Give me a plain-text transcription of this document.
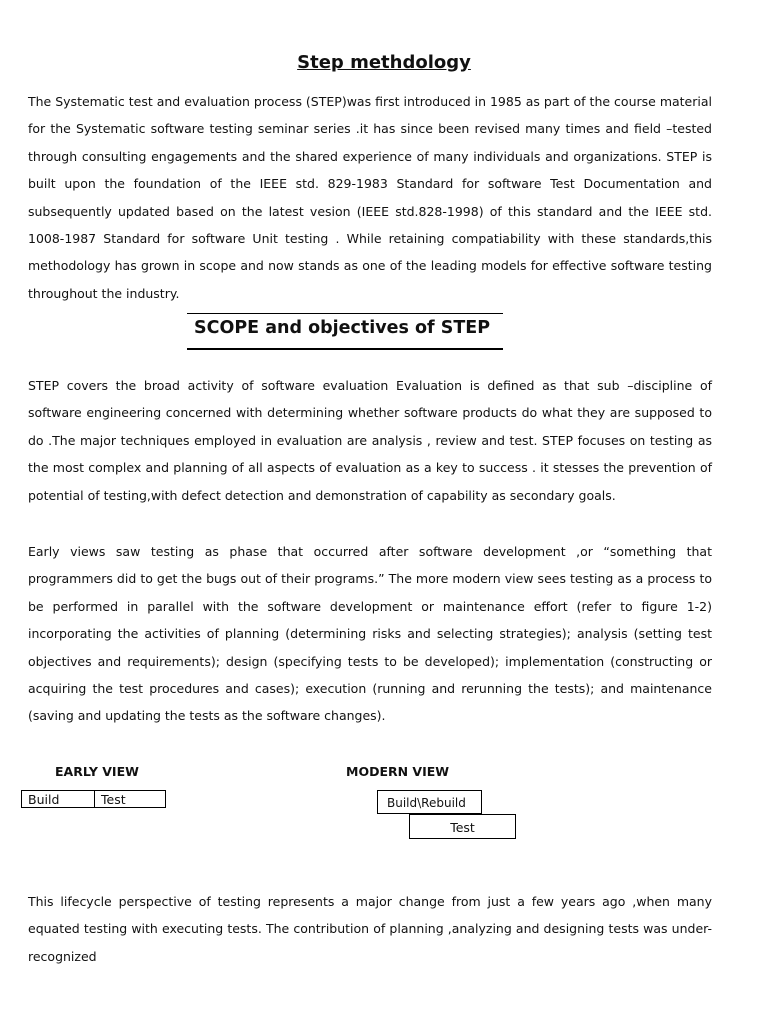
Step methdology

The Systematic test and evaluation process (STEP)was first introduced in 1985 as part of the course material for the Systematic software testing seminar series .it has since been revised many times and field –tested through consulting engagements and the shared experience of many individuals and organizations. STEP is built upon the foundation of the IEEE std. 829-1983 Standard for software Test Documentation and subsequently updated based on the latest vesion (IEEE std.828-1998) of this standard and the IEEE std. 1008-1987 Standard for software Unit testing . While retaining compatiability with these standards,this methodology has grown in scope and now stands as one of the leading models for effective software testing throughout the industry.

SCOPE and objectives of STEP

STEP covers the broad activity of software evaluation Evaluation is defined as that sub –discipline of software engineering concerned with determining whether software products do what they are supposed to do .The major techniques employed in evaluation are analysis , review and test. STEP focuses on testing as the most complex and planning of all aspects of evaluation as a key to success . it stesses the prevention of potential of testing,with defect detection and demonstration of capability as secondary goals.

Early views saw testing as phase that occurred after software development ,or “something that programmers did to get the bugs out of their programs.” The more modern view sees testing as a process to be performed in parallel with the software development or maintenance effort (refer to figure 1-2) incorporating the activities of planning (determining risks and selecting strategies); analysis (setting test objectives and requirements); design (specifying tests to be developed); implementation (constructing or acquiring the test procedures and cases); execution (running and rerunning the tests); and maintenance (saving and updating the tests as the software changes).

EARLY VIEW
Build	Test
MODERN VIEW
Build\Rebuild
Test

This lifecycle perspective of testing represents a major change from just a few years ago ,when many equated testing with executing tests. The contribution of planning ,analyzing and designing tests was under-recognized
